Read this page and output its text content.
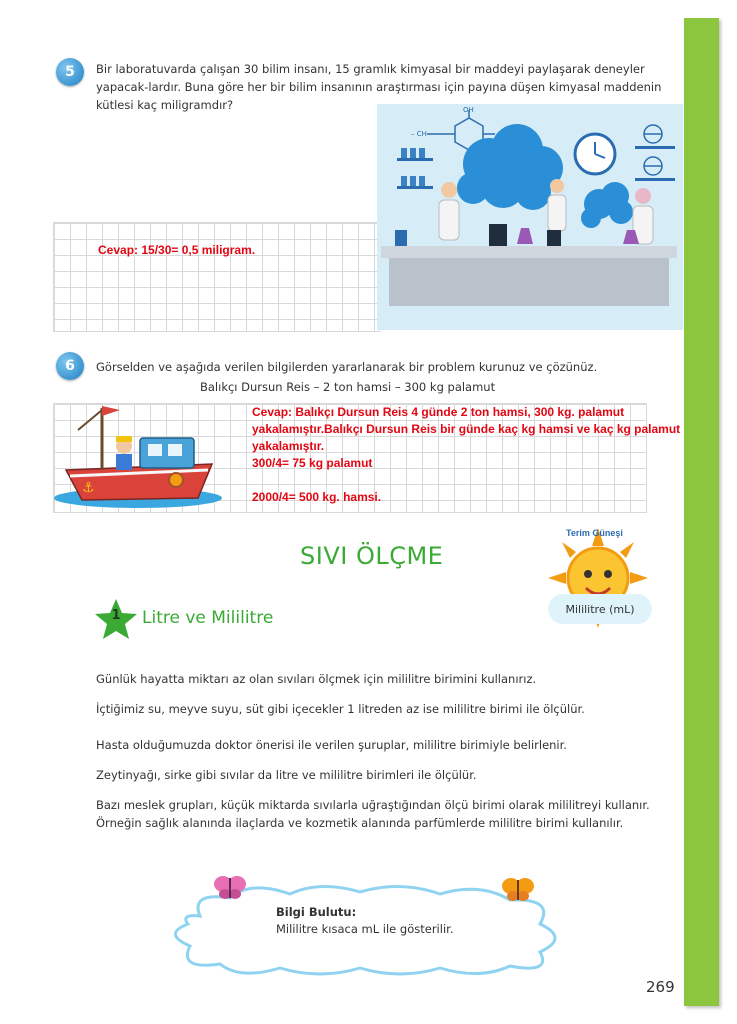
5	Bir laboratuvarda çalışan 30 bilim insanı, 15 gramlık kimyasal bir maddeyi paylaşarak deneyler yapacak-lardır. Buna göre her bir bilim insanının araştırması için payına düşen kimyasal maddenin kütlesi kaç miligramdır?
Cevap: 15/30= 0,5 miligram.
OH
– CH
6	Görselden ve aşağıda verilen bilgilerden yararlanarak bir problem kurunuz ve çözünüz.
Balıkçı Dursun Reis – 2 ton hamsi – 300 kg palamut
⚓
Cevap: Balıkçı Dursun Reis 4 günde 2 ton hamsi, 300 kg. palamut yakalamıştır.Balıkçı Dursun Reis bir günde kaç kg hamsi ve kaç kg palamut yakalamıştır.
300/4= 75 kg palamut
2000/4= 500 kg. hamsi.
SIVI ÖLÇME
Terim Güneşi
Mililitre (mL)
1	Litre ve Mililitre
Günlük hayatta miktarı az olan sıvıları ölçmek için mililitre birimini kullanırız.
İçtiğimiz su, meyve suyu, süt gibi içecekler 1 litreden az ise mililitre birimi ile ölçülür.
Hasta olduğumuzda doktor önerisi ile verilen şuruplar, mililitre birimiyle belirlenir.
Zeytinyağı, sirke gibi sıvılar da litre ve mililitre birimleri ile ölçülür.
Bazı meslek grupları, küçük miktarda sıvılarla uğraştığından ölçü birimi olarak mililitreyi kullanır. Örneğin sağlık alanında ilaçlarda ve kozmetik alanında parfümlerde mililitre birimi kullanılır.
Bilgi Bulutu:
Mililitre kısaca mL ile gösterilir.
269
